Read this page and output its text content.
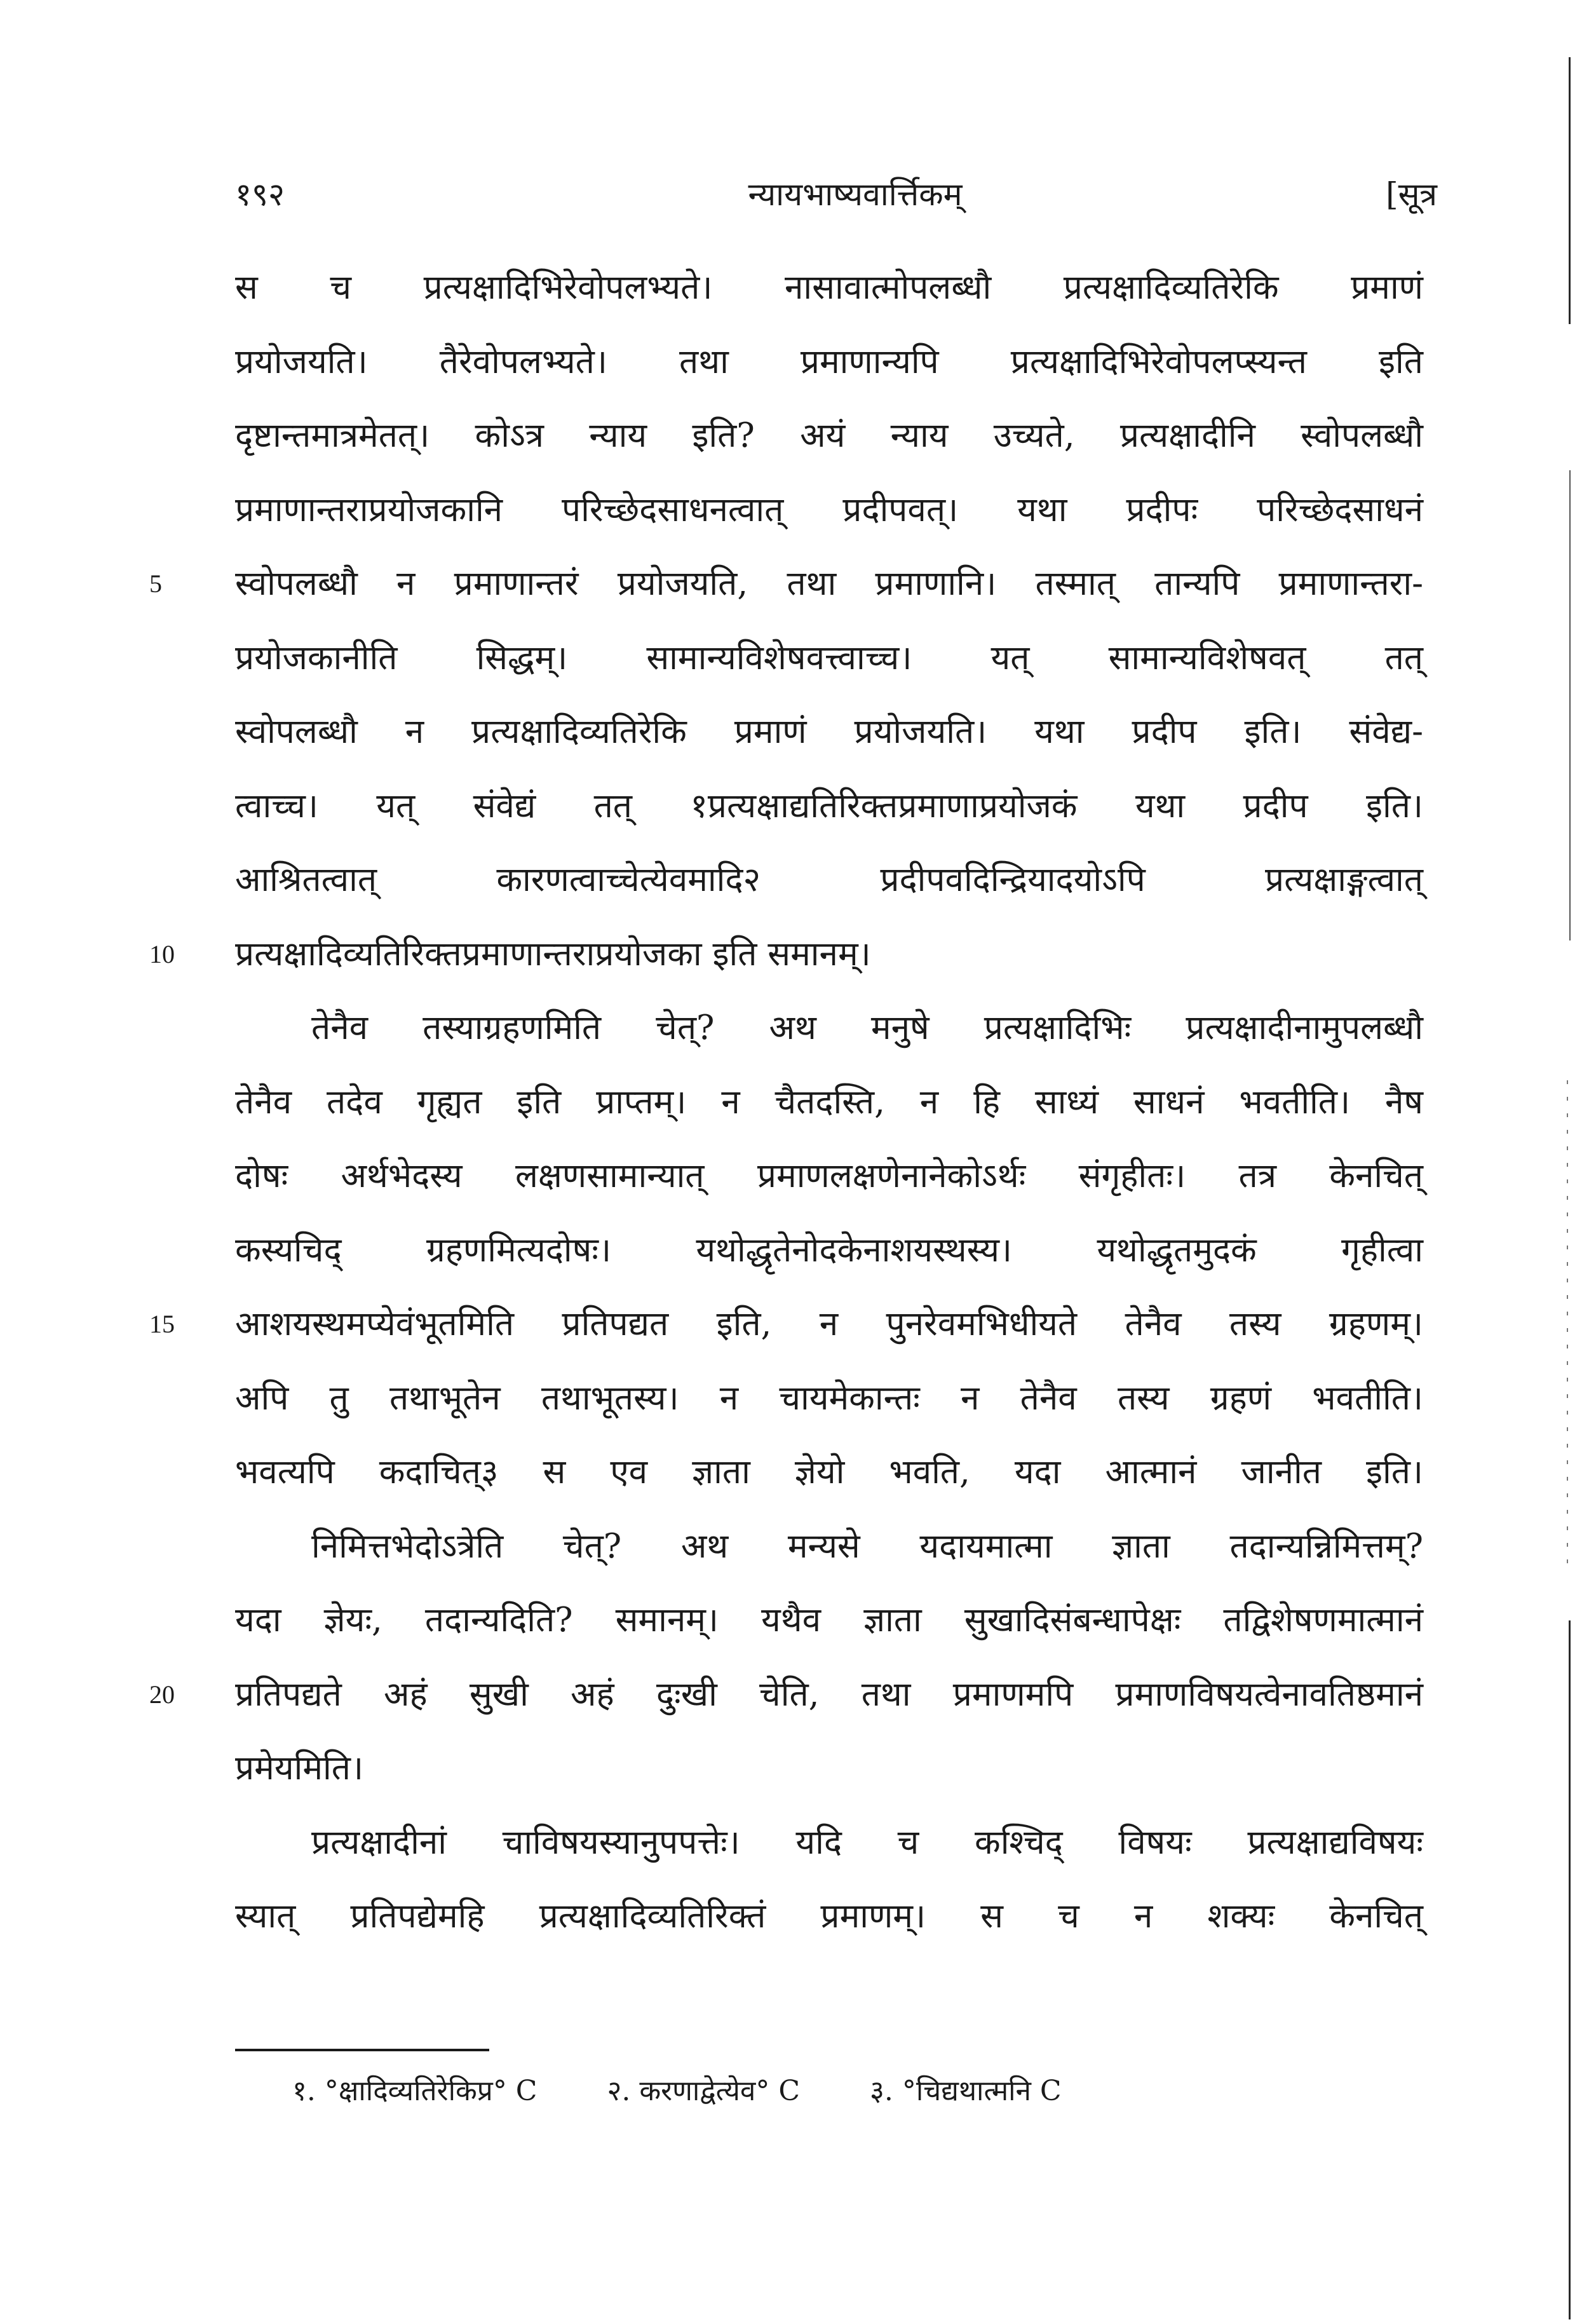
१९२	न्यायभाष्यवार्त्तिकम्	[सूत्र
स च प्रत्यक्षादिभिरेवोपलभ्यते। नासावात्मोपलब्धौ प्रत्यक्षादिव्यतिरेकि प्रमाणं
प्रयोजयति। तैरेवोपलभ्यते। तथा प्रमाणान्यपि प्रत्यक्षादिभिरेवोपलप्स्यन्त इति
दृष्टान्तमात्रमेतत्। कोऽत्र न्याय इति? अयं न्याय उच्यते, प्रत्यक्षादीनि स्वोपलब्धौ
प्रमाणान्तराप्रयोजकानि परिच्छेदसाधनत्वात् प्रदीपवत्। यथा प्रदीपः परिच्छेदसाधनं
स्वोपलब्धौ न प्रमाणान्तरं प्रयोजयति, तथा प्रमाणानि। तस्मात् तान्यपि प्रमाणान्तरा-
5
प्रयोजकानीति सिद्धम्। सामान्यविशेषवत्त्वाच्च। यत् सामान्यविशेषवत् तत्
स्वोपलब्धौ न प्रत्यक्षादिव्यतिरेकि प्रमाणं प्रयोजयति। यथा प्रदीप इति। संवेद्य-
त्वाच्च। यत् संवेद्यं तत् १प्रत्यक्षाद्यतिरिक्तप्रमाणाप्रयोजकं यथा प्रदीप इति।
आश्रितत्वात् कारणत्वाच्चेत्येवमादि२ प्रदीपवदिन्द्रियादयोऽपि प्रत्यक्षाङ्गत्वात्
प्रत्यक्षादिव्यतिरिक्तप्रमाणान्तराप्रयोजका इति समानम्।
10
तेनैव तस्याग्रहणमिति चेत्? अथ मनुषे प्रत्यक्षादिभिः प्रत्यक्षादीनामुपलब्धौ
तेनैव तदेव गृह्यत इति प्राप्तम्। न चैतदस्ति, न हि साध्यं साधनं भवतीति। नैष
दोषः अर्थभेदस्य लक्षणसामान्यात् प्रमाणलक्षणेनानेकोऽर्थः संगृहीतः। तत्र केनचित्
कस्यचिद् ग्रहणमित्यदोषः। यथोद्धृतेनोदकेनाशयस्थस्य। यथोद्धृतमुदकं गृहीत्वा
आशयस्थमप्येवंभूतमिति प्रतिपद्यत इति, न पुनरेवमभिधीयते तेनैव तस्य ग्रहणम्।
15
अपि तु तथाभूतेन तथाभूतस्य। न चायमेकान्तः न तेनैव तस्य ग्रहणं भवतीति।
भवत्यपि कदाचित्३ स एव ज्ञाता ज्ञेयो भवति, यदा आत्मानं जानीत इति।
निमित्तभेदोऽत्रेति चेत्? अथ मन्यसे यदायमात्मा ज्ञाता तदान्यन्निमित्तम्?
यदा ज्ञेयः, तदान्यदिति? समानम्। यथैव ज्ञाता सुखादिसंबन्धापेक्षः तद्विशेषणमात्मानं
प्रतिपद्यते अहं सुखी अहं दुःखी चेति, तथा प्रमाणमपि प्रमाणविषयत्वेनावतिष्ठमानं
20
प्रमेयमिति।
प्रत्यक्षादीनां चाविषयस्यानुपपत्तेः। यदि च कश्चिद् विषयः प्रत्यक्षाद्यविषयः
स्यात् प्रतिपद्येमहि प्रत्यक्षादिव्यतिरिक्तं प्रमाणम्। स च न शक्यः केनचित्
१. °क्षादिव्यतिरेकिप्र° C	२. करणाद्वेत्येव° C	३. °चिद्यथात्मनि C
